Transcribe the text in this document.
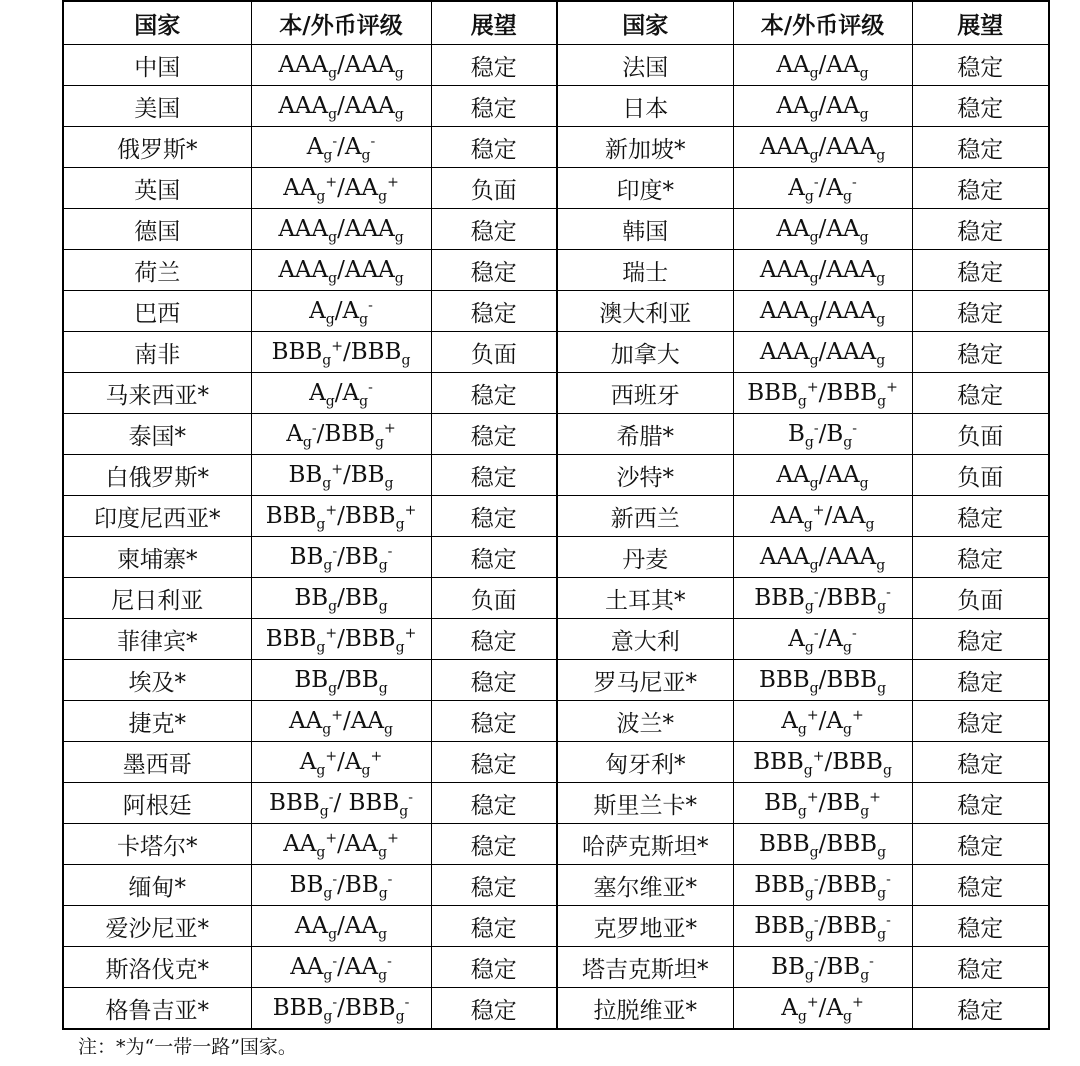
国家	本/外币评级	展望	国家	本/外币评级	展望
中国	$AAA_g/AAA_g$	稳定	法国	$AA_g/AA_g$	稳定
美国	$AAA_g/AAA_g$	稳定	日本	$AA_g/AA_g$	稳定
俄罗斯*	$A_g^-/A_g^-$	稳定	新加坡*	$AAA_g/AAA_g$	稳定
英国	$AA_g^+/AA_g^+$	负面	印度*	$A_g^-/A_g^-$	稳定
德国	$AAA_g/AAA_g$	稳定	韩国	$AA_g/AA_g$	稳定
荷兰	$AAA_g/AAA_g$	稳定	瑞士	$AAA_g/AAA_g$	稳定
巴西	$A_g/A_g^-$	稳定	澳大利亚	$AAA_g/AAA_g$	稳定
南非	$BBB_g^+/BBB_g$	负面	加拿大	$AAA_g/AAA_g$	稳定
马来西亚*	$A_g/A_g^-$	稳定	西班牙	$BBB_g^+/BBB_g^+$	稳定
泰国*	$A_g^-/BBB_g^+$	稳定	希腊*	$B_g^-/B_g^-$	负面
白俄罗斯*	$BB_g^+/BB_g$	稳定	沙特*	$AA_g/AA_g$	负面
印度尼西亚*	$BBB_g^+/BBB_g^+$	稳定	新西兰	$AA_g^+/AA_g$	稳定
柬埔寨*	$BB_g^-/BB_g^-$	稳定	丹麦	$AAA_g/AAA_g$	稳定
尼日利亚	$BB_g/BB_g$	负面	土耳其*	$BBB_g^-/BBB_g^-$	负面
菲律宾*	$BBB_g^+/BBB_g^+$	稳定	意大利	$A_g^-/A_g^-$	稳定
埃及*	$BB_g/BB_g$	稳定	罗马尼亚*	$BBB_g/BBB_g$	稳定
捷克*	$AA_g^+/AA_g$	稳定	波兰*	$A_g^+/A_g^+$	稳定
墨西哥	$A_g^+/A_g^+$	稳定	匈牙利*	$BBB_g^+/BBB_g$	稳定
阿根廷	$BBB_g^-/$ $BBB_g^-$	稳定	斯里兰卡*	$BB_g^+/BB_g^+$	稳定
卡塔尔*	$AA_g^+/AA_g^+$	稳定	哈萨克斯坦*	$BBB_g/BBB_g$	稳定
缅甸*	$BB_g^-/BB_g^-$	稳定	塞尔维亚*	$BBB_g^-/BBB_g^-$	稳定
爱沙尼亚*	$AA_g/AA_g$	稳定	克罗地亚*	$BBB_g^-/BBB_g^-$	稳定
斯洛伐克*	$AA_g^-/AA_g^-$	稳定	塔吉克斯坦*	$BB_g^-/BB_g^-$	稳定
格鲁吉亚*	$BBB_g^-/BBB_g^-$	稳定	拉脱维亚*	$A_g^+/A_g^+$	稳定
注：*为“一带一路”国家。
